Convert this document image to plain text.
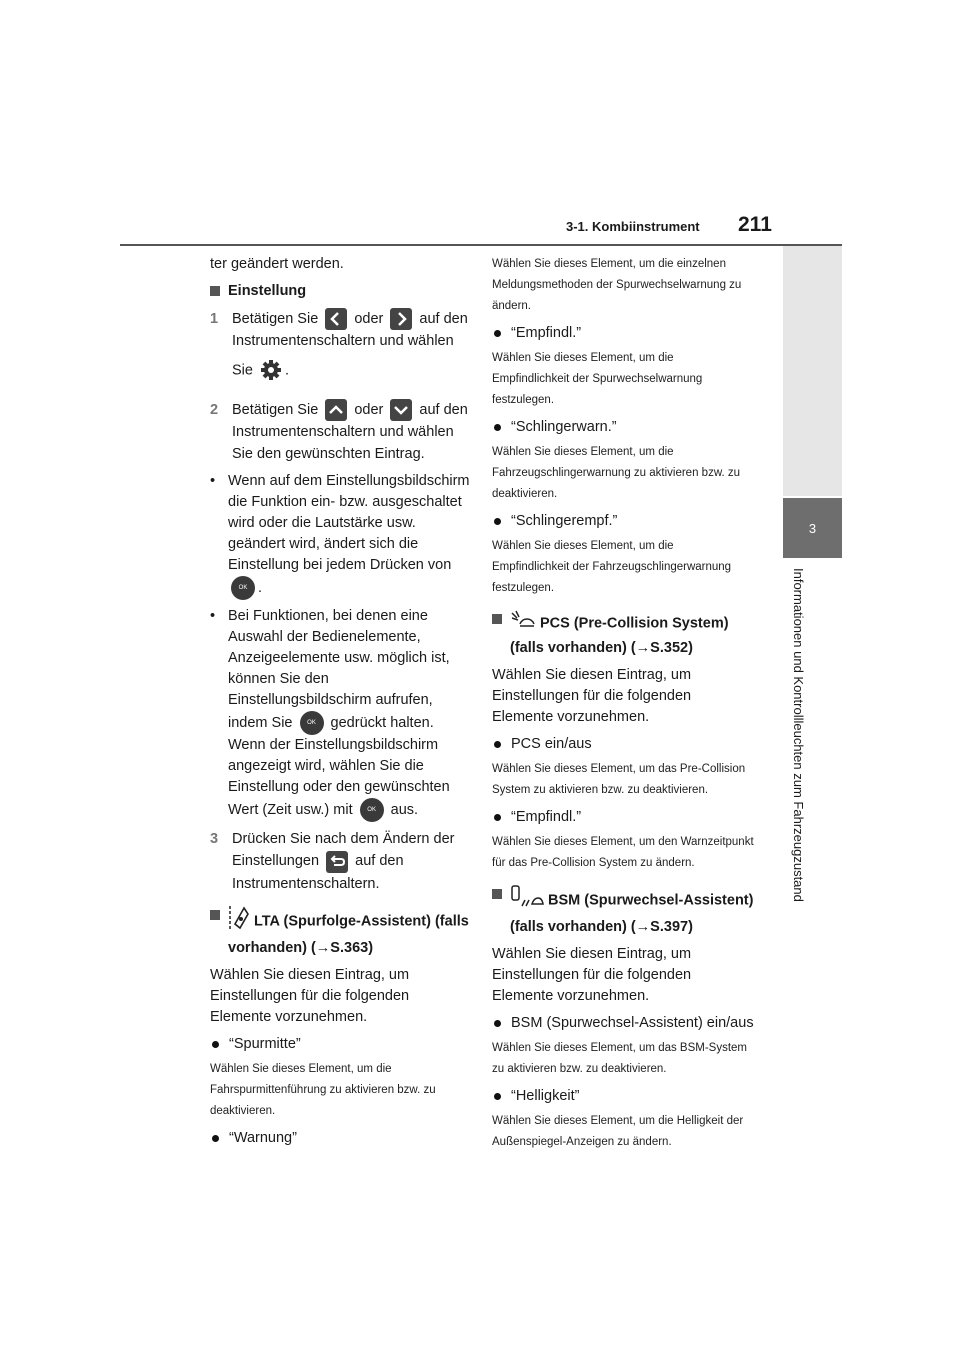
3-1. Kombiinstrument 211
3
Informationen und Kontrollleuchten zum Fahrzeugzustand

ter geändert werden.

Einstellung
1 Betätigen Sie oder auf den Instrumentenschaltern und wählen
Sie .
2 Betätigen Sie oder auf den Instrumentenschaltern und wählen Sie den gewünschten Eintrag.
• Wenn auf dem Einstellungsbildschirm die Funktion ein- bzw. ausgeschaltet wird oder die Lautstärke usw. geändert wird, ändert sich die Einstellung bei jedem Drücken von
OK .
• Bei Funktionen, bei denen eine Auswahl der Bedienelemente, Anzeigeelemente usw. möglich ist, können Sie den Einstellungsbildschirm aufrufen, indem Sie OK gedrückt halten. Wenn der Einstellungsbildschirm angezeigt wird, wählen Sie die Einstellung oder den gewünschten Wert (Zeit usw.) mit OK aus.
3 Drücken Sie nach dem Ändern der Einstellungen auf den Instrumentenschaltern.
LTA (Spurfolge-Assistent) (falls vorhanden) (→S.363)

Wählen Sie diesen Eintrag, um Einstellungen für die folgenden Elemente vorzunehmen.

“Spurmitte”

Wählen Sie dieses Element, um die Fahrspurmittenführung zu aktivieren bzw. zu deaktivieren.

“Warnung”

Wählen Sie dieses Element, um die einzelnen Meldungsmethoden der Spurwechselwarnung zu ändern.

“Empfindl.”

Wählen Sie dieses Element, um die Empfindlichkeit der Spurwechselwarnung festzulegen.

“Schlingerwarn.”

Wählen Sie dieses Element, um die Fahrzeugschlingerwarnung zu aktivieren bzw. zu deaktivieren.

“Schlingerempf.”

Wählen Sie dieses Element, um die Empfindlichkeit der Fahrzeugschlingerwarnung festzulegen.

PCS (Pre-Collision System) (falls vorhanden) (→S.352)

Wählen Sie diesen Eintrag, um Einstellungen für die folgenden Elemente vorzunehmen.

PCS ein/aus

Wählen Sie dieses Element, um das Pre-Collision System zu aktivieren bzw. zu deaktivieren.

“Empfindl.”

Wählen Sie dieses Element, um den Warnzeitpunkt für das Pre-Collision System zu ändern.

BSM (Spurwechsel-Assistent) (falls vorhanden) (→S.397)

Wählen Sie diesen Eintrag, um Einstellungen für die folgenden Elemente vorzunehmen.

BSM (Spurwechsel-Assistent) ein/aus

Wählen Sie dieses Element, um das BSM-System zu aktivieren bzw. zu deaktivieren.

“Helligkeit”

Wählen Sie dieses Element, um die Helligkeit der Außenspiegel-Anzeigen zu ändern.
